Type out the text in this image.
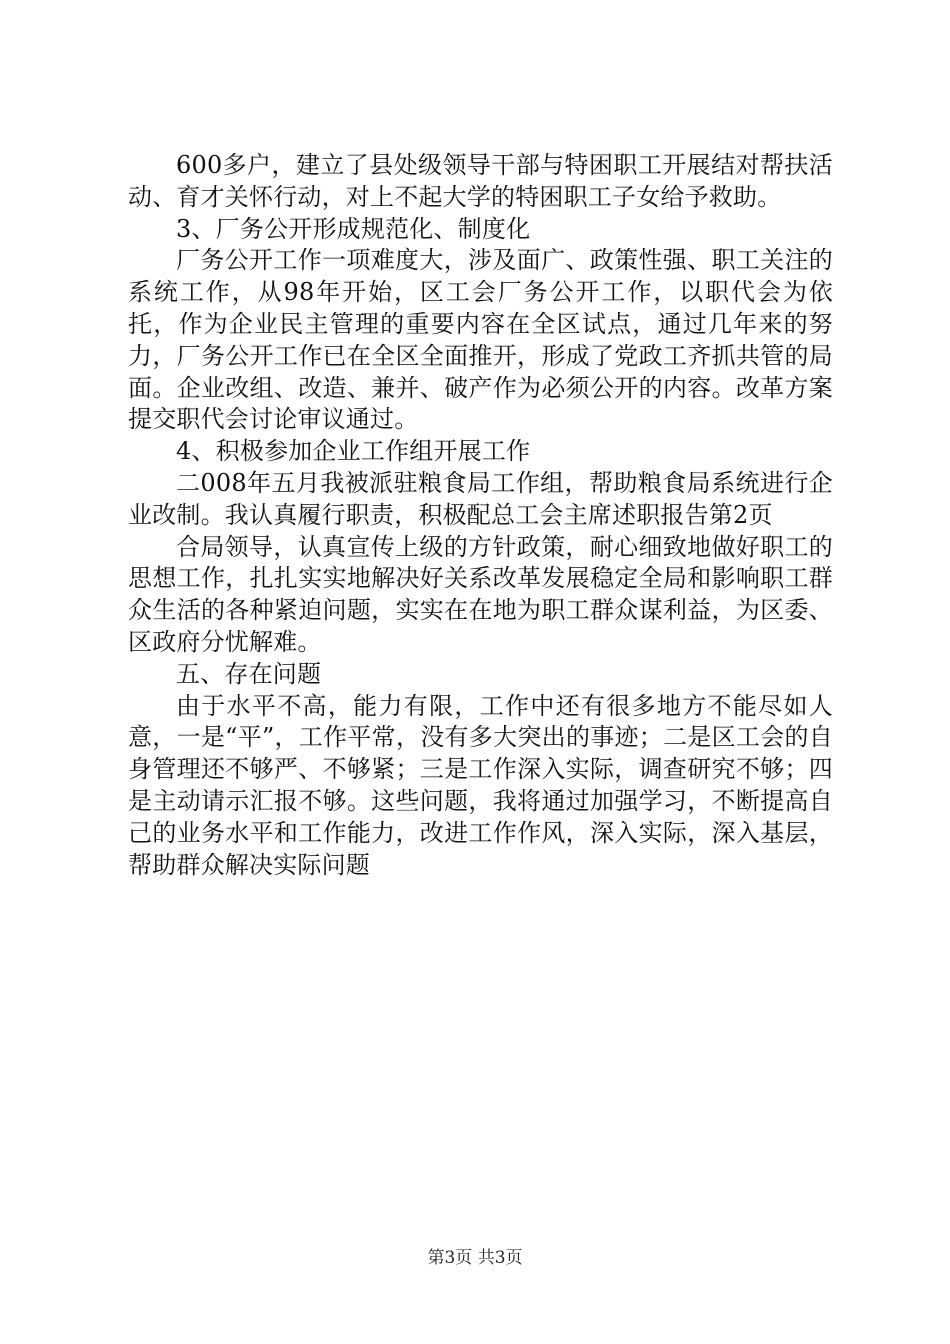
600多户，建立了县处级领导干部与特困职工开展结对帮扶活动、育才关怀行动，对上不起大学的特困职工子女给予救助。

3、厂务公开形成规范化、制度化

厂务公开工作一项难度大，涉及面广、政策性强、职工关注的系统工作，从98年开始，区工会厂务公开工作，以职代会为依托，作为企业民主管理的重要内容在全区试点，通过几年来的努力，厂务公开工作已在全区全面推开，形成了党政工齐抓共管的局面。企业改组、改造、兼并、破产作为必须公开的内容。改革方案提交职代会讨论审议通过。

4、积极参加企业工作组开展工作

二008年五月我被派驻粮食局工作组，帮助粮食局系统进行企业改制。我认真履行职责，积极配总工会主席述职报告第2页

合局领导，认真宣传上级的方针政策，耐心细致地做好职工的思想工作，扎扎实实地解决好关系改革发展稳定全局和影响职工群众生活的各种紧迫问题，实实在在地为职工群众谋利益，为区委、区政府分忧解难。

五、存在问题

由于水平不高，能力有限，工作中还有很多地方不能尽如人意，一是“平”，工作平常，没有多大突出的事迹；二是区工会的自身管理还不够严、不够紧；三是工作深入实际，调查研究不够；四是主动请示汇报不够。这些问题，我将通过加强学习，不断提高自己的业务水平和工作能力，改进工作作风，深入实际，深入基层，帮助群众解决实际问题

第3页 共3页
